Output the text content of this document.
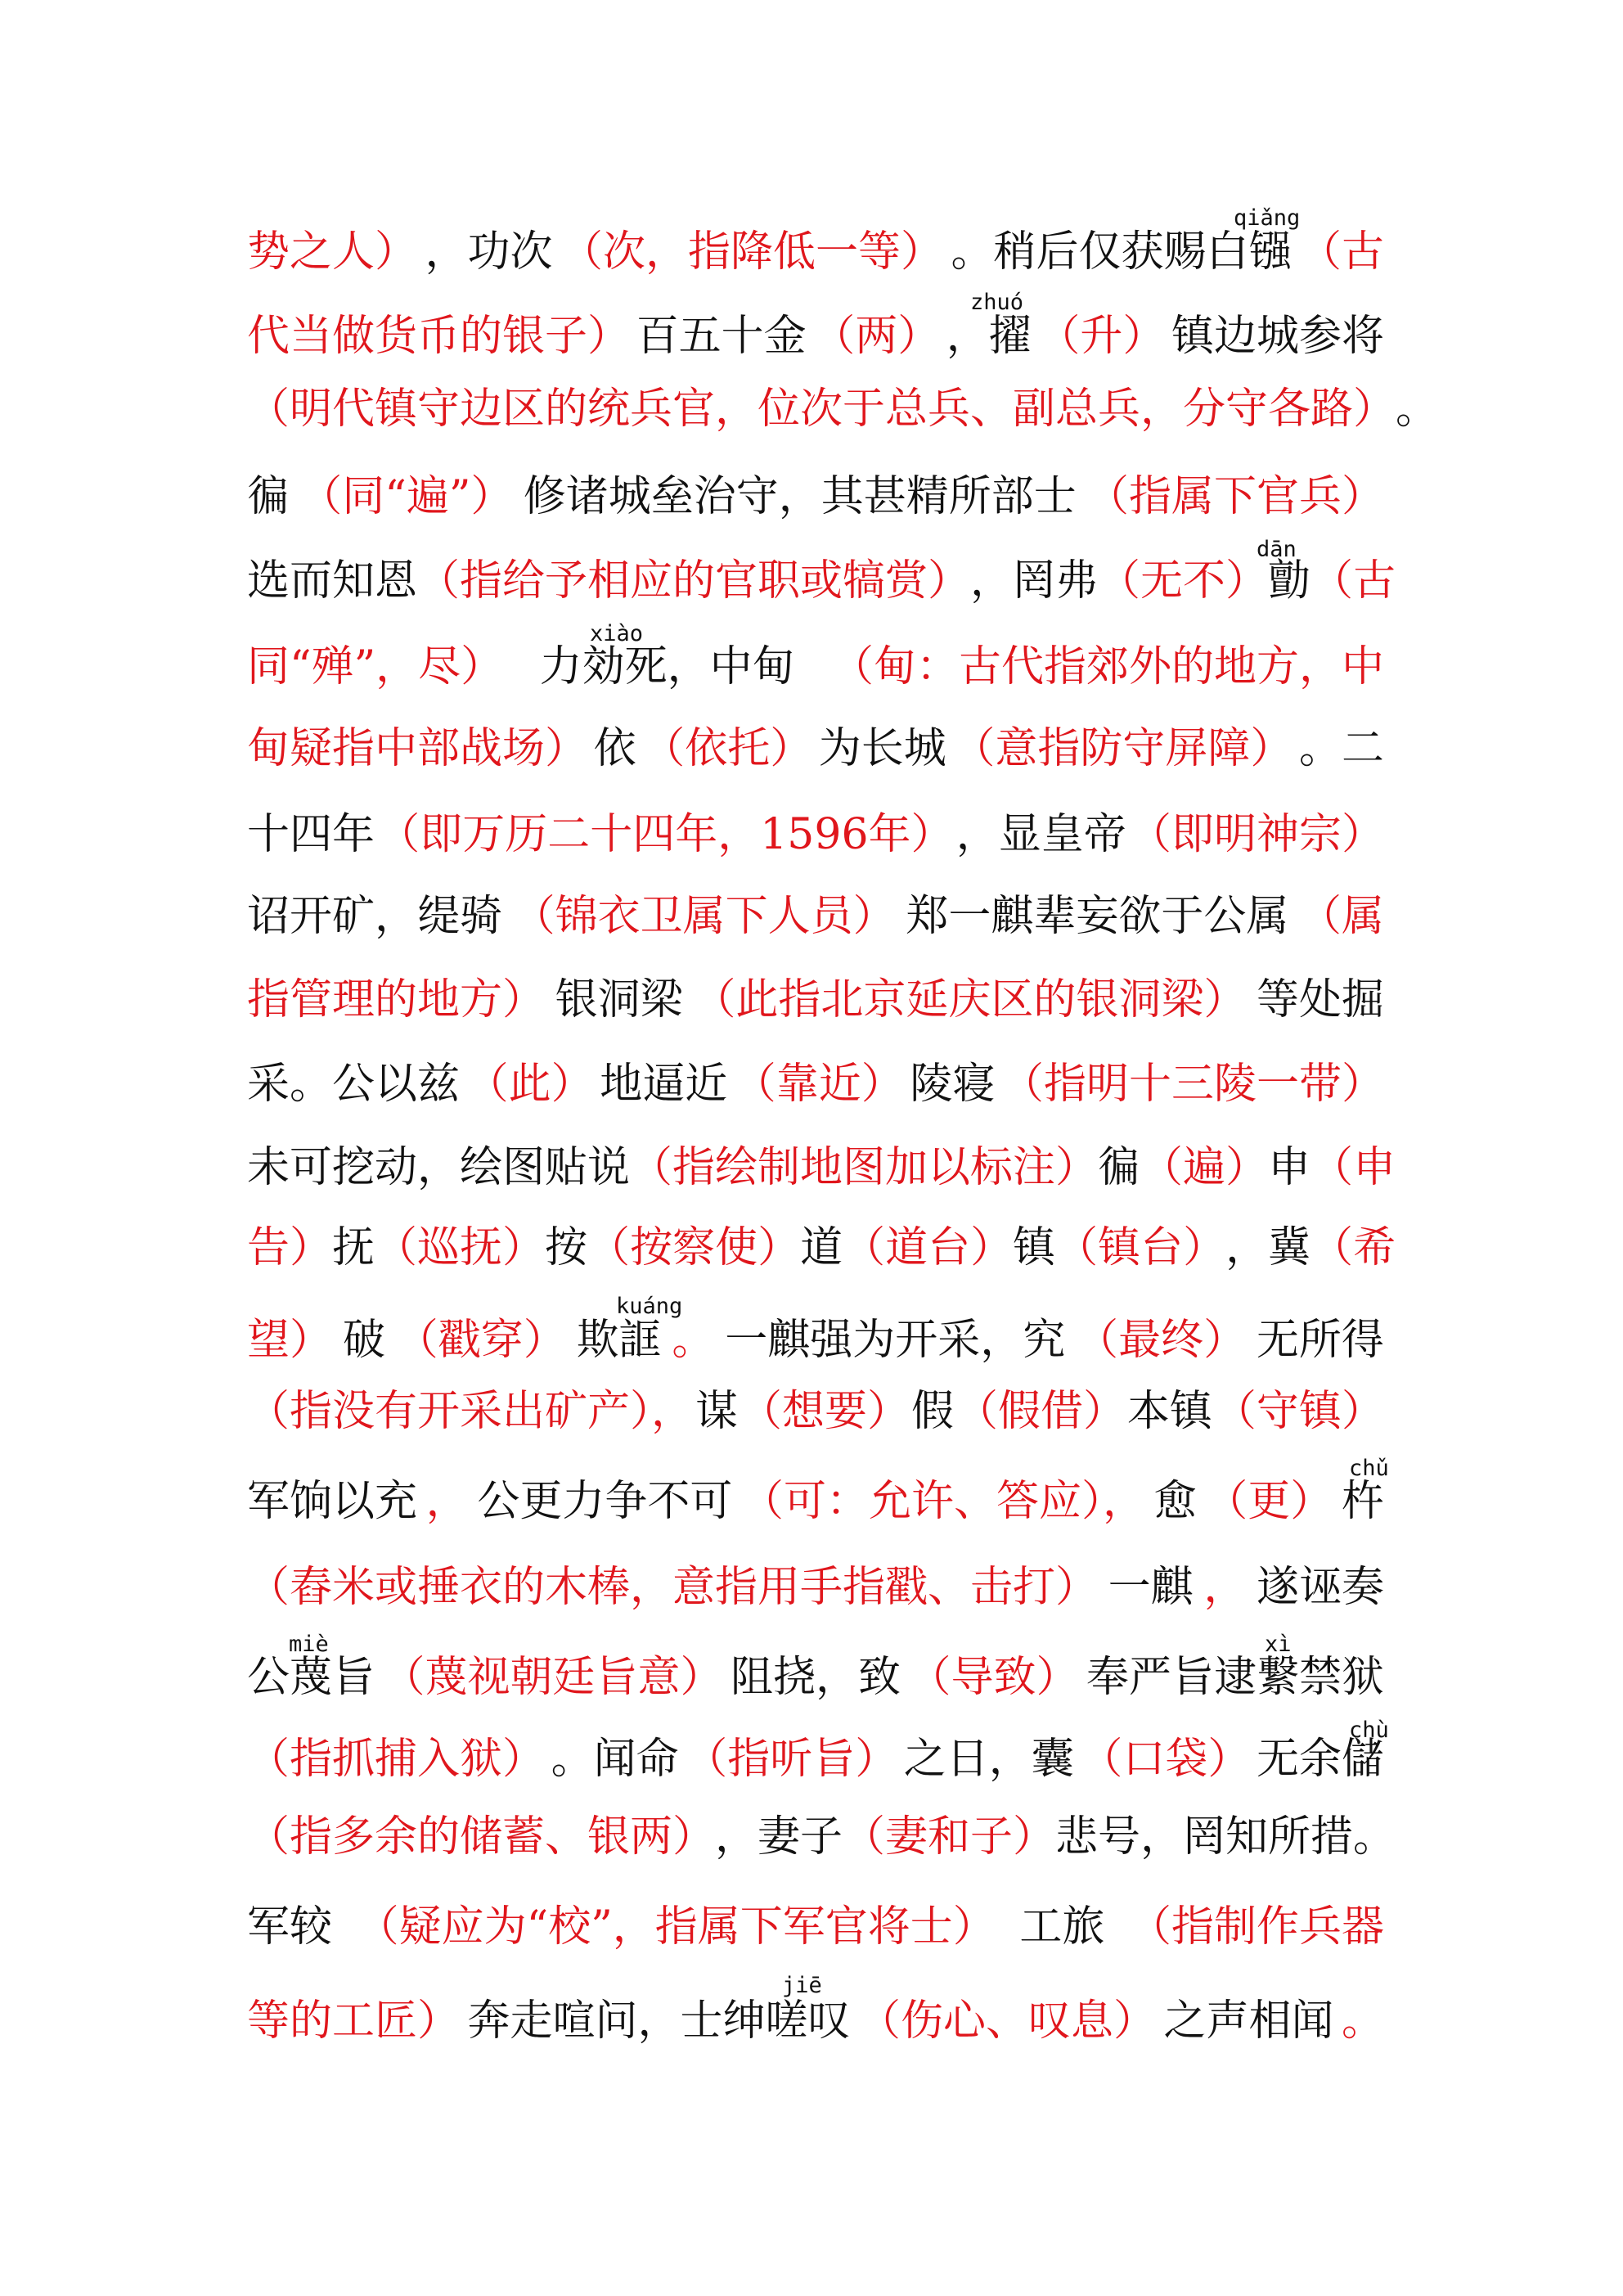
势之人） ，功次 （次，指降低一等） 。稍后仅获赐白镪 （古
代当做货币的银子） 百五十金 （两） ，擢 （升） 镇边城参将
（明代镇守边区的统兵官，位次于总兵、副总兵，分守各路） 。
徧 （同“遍”） 修诸城垒治守，其甚精所部士 （指属下官兵）
选而知恩 （指给予相应的官职或犒赏） ，罔弗 （无不） 勯 （古
同“殚”，尽） 力効死，中甸 （甸：古代指郊外的地方，中
甸疑指中部战场） 依 （依托） 为长城 （意指防守屏障） 。二
十四年 （即万历二十四年，1596年） ，显皇帝 （即明神宗）
诏开矿，缇骑 （锦衣卫属下人员） 郑一麒辈妄欲于公属 （属
指管理的地方） 银洞梁 （此指北京延庆区的银洞梁） 等处掘
采。公以兹 （此） 地逼近 （靠近） 陵寝 （指明十三陵一带）
未可挖动，绘图贴说 （指绘制地图加以标注） 徧 （遍） 申 （申
告） 抚 （巡抚） 按 （按察使） 道 （道台） 镇 （镇台） ，冀 （希
望） 破 （戳穿） 欺誆 。 一麒强为开采，究 （最终） 无所得
（指没有开采出矿产）， 谋 （想要） 假 （假借） 本镇 （守镇）
军饷以充 ， 公更力争不可 （可：允许、答应）， 愈 （更） 杵
（舂米或捶衣的木棒，意指用手指戳、击打） 一麒 ， 遂诬奏
公蔑旨 （蔑视朝廷旨意） 阻挠，致 （导致） 奉严旨逮繋禁狱
（指抓捕入狱） 。闻命 （指听旨） 之日，囊 （口袋） 无余儲
（指多余的储蓄、银两） ，妻子 （妻和子） 悲号，罔知所措。
军较 （疑应为“校”，指属下军官将士） 工旅 （指制作兵器
等的工匠） 奔走喧问，士绅嗟叹 （伤心、叹息） 之声相闻 。
qiǎng
zhuó
dān
xiào
kuáng
chǔ
miè	xì
chù
jiē
